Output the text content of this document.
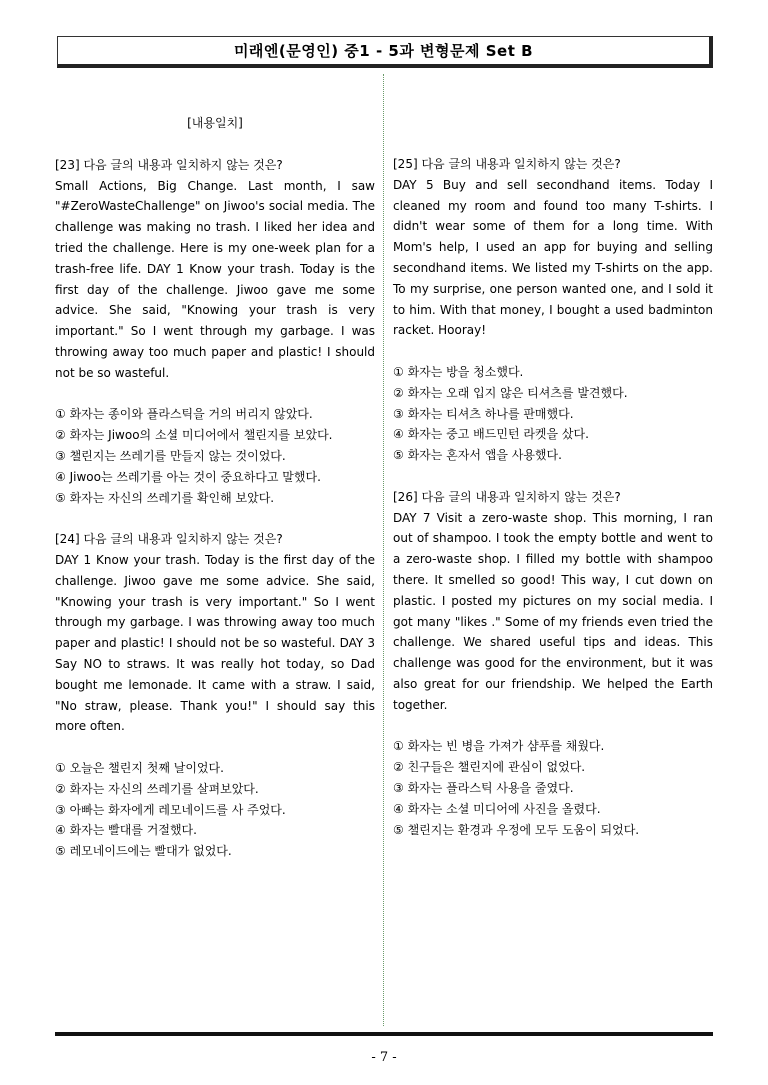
미래엔(문영인) 중1 - 5과 변형문제 Set B
[내용일치]

[23] 다음 글의 내용과 일치하지 않는 것은?

Small Actions, Big Change. Last month, I saw "#ZeroWasteChallenge" on Jiwoo's social media. The challenge was making no trash. I liked her idea and tried the challenge. Here is my one-week plan for a trash-free life. DAY 1 Know your trash. Today is the first day of the challenge. Jiwoo gave me some advice. She said, "Knowing your trash is very important." So I went through my garbage. I was throwing away too much paper and plastic! I should not be so wasteful.

① 화자는 종이와 플라스틱을 거의 버리지 않았다.
② 화자는 Jiwoo의 소셜 미디어에서 챌린지를 보았다.
③ 챌린지는 쓰레기를 만들지 않는 것이었다.
④ Jiwoo는 쓰레기를 아는 것이 중요하다고 말했다.
⑤ 화자는 자신의 쓰레기를 확인해 보았다.

[24] 다음 글의 내용과 일치하지 않는 것은?

DAY 1 Know your trash. Today is the first day of the challenge. Jiwoo gave me some advice. She said, "Knowing your trash is very important." So I went through my garbage. I was throwing away too much paper and plastic! I should not be so wasteful. DAY 3 Say NO to straws. It was really hot today, so Dad bought me lemonade. It came with a straw. I said, "No straw, please. Thank you!" I should say this more often.

① 오늘은 챌린지 첫째 날이었다.
② 화자는 자신의 쓰레기를 살펴보았다.
③ 아빠는 화자에게 레모네이드를 사 주었다.
④ 화자는 빨대를 거절했다.
⑤ 레모네이드에는 빨대가 없었다.

[25] 다음 글의 내용과 일치하지 않는 것은?

DAY 5 Buy and sell secondhand items. Today I cleaned my room and found too many T-shirts. I didn't wear some of them for a long time. With Mom's help, I used an app for buying and selling secondhand items. We listed my T-shirts on the app. To my surprise, one person wanted one, and I sold it to him. With that money, I bought a used badminton racket. Hooray!

① 화자는 방을 청소했다.
② 화자는 오래 입지 않은 티셔츠를 발견했다.
③ 화자는 티셔츠 하나를 판매했다.
④ 화자는 중고 배드민턴 라켓을 샀다.
⑤ 화자는 혼자서 앱을 사용했다.

[26] 다음 글의 내용과 일치하지 않는 것은?

DAY 7 Visit a zero-waste shop. This morning, I ran out of shampoo. I took the empty bottle and went to a zero-waste shop. I filled my bottle with shampoo there. It smelled so good! This way, I cut down on plastic. I posted my pictures on my social media. I got many "likes ." Some of my friends even tried the challenge. We shared useful tips and ideas. This challenge was good for the environment, but it was also great for our friendship. We helped the Earth together.

① 화자는 빈 병을 가져가 샴푸를 채웠다.
② 친구들은 챌린지에 관심이 없었다.
③ 화자는 플라스틱 사용을 줄였다.
④ 화자는 소셜 미디어에 사진을 올렸다.
⑤ 챌린지는 환경과 우정에 모두 도움이 되었다.
- 7 -
